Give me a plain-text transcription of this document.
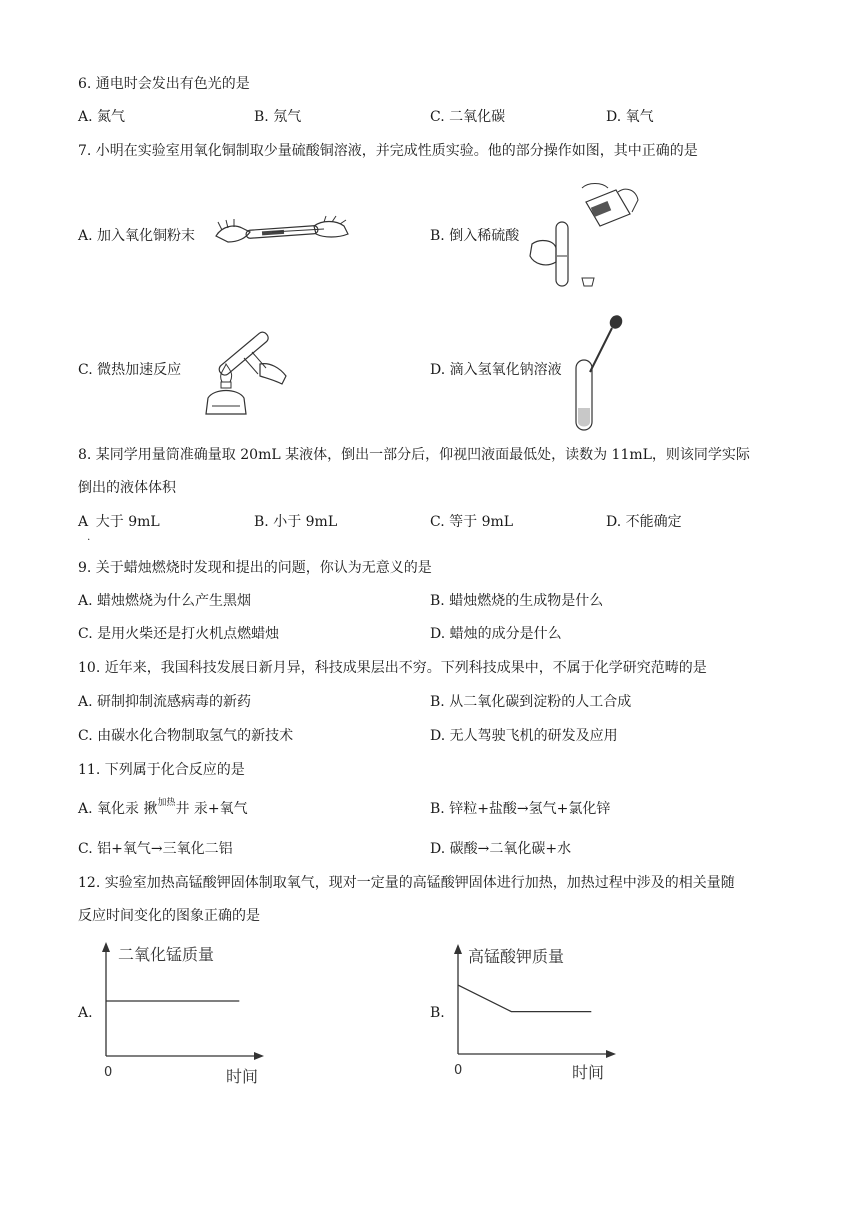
6. 通电时会发出有色光的是
A. 氮气	B. 氖气	C. 二氧化碳	D. 氧气
7. 小明在实验室用氧化铜制取少量硫酸铜溶液，并完成性质实验。他的部分操作如图，其中正确的是
A. 加入氧化铜粉末	B. 倒入稀硫酸
C. 微热加速反应	D. 滴入氢氧化钠溶液
8. 某同学用量筒准确量取 20mL 某液体，倒出一部分后，仰视凹液面最低处，读数为 11mL，则该同学实际
倒出的液体体积
$A_.$ 大于 9mL	B. 小于 9mL	C. 等于 9mL	D. 不能确定
9. 关于蜡烛燃烧时发现和提出的问题，你认为无意义的是
A. 蜡烛燃烧为什么产生黑烟	B. 蜡烛燃烧的生成物是什么
C. 是用火柴还是打火机点燃蜡烛	D. 蜡烛的成分是什么
10. 近年来，我国科技发展日新月异，科技成果层出不穷。下列科技成果中，不属于化学研究范畴的是
A. 研制抑制流感病毒的新药	B. 从二氧化碳到淀粉的人工合成
C. 由碳水化合物制取氢气的新技术	D. 无人驾驶飞机的研发及应用
11. 下列属于化合反应的是
A. 氧化汞 揪$^{加热}$井 汞+氧气	B. 锌粒+盐酸→氢气+氯化锌
C. 铝+氧气→三氧化二铝	D. 碳酸→二氧化碳+水
12. 实验室加热高锰酸钾固体制取氧气，现对一定量的高锰酸钾固体进行加热，加热过程中涉及的相关量随
反应时间变化的图象正确的是
A.
二氧化锰质量
0	时间
B.
高锰酸钾质量
0	时间
